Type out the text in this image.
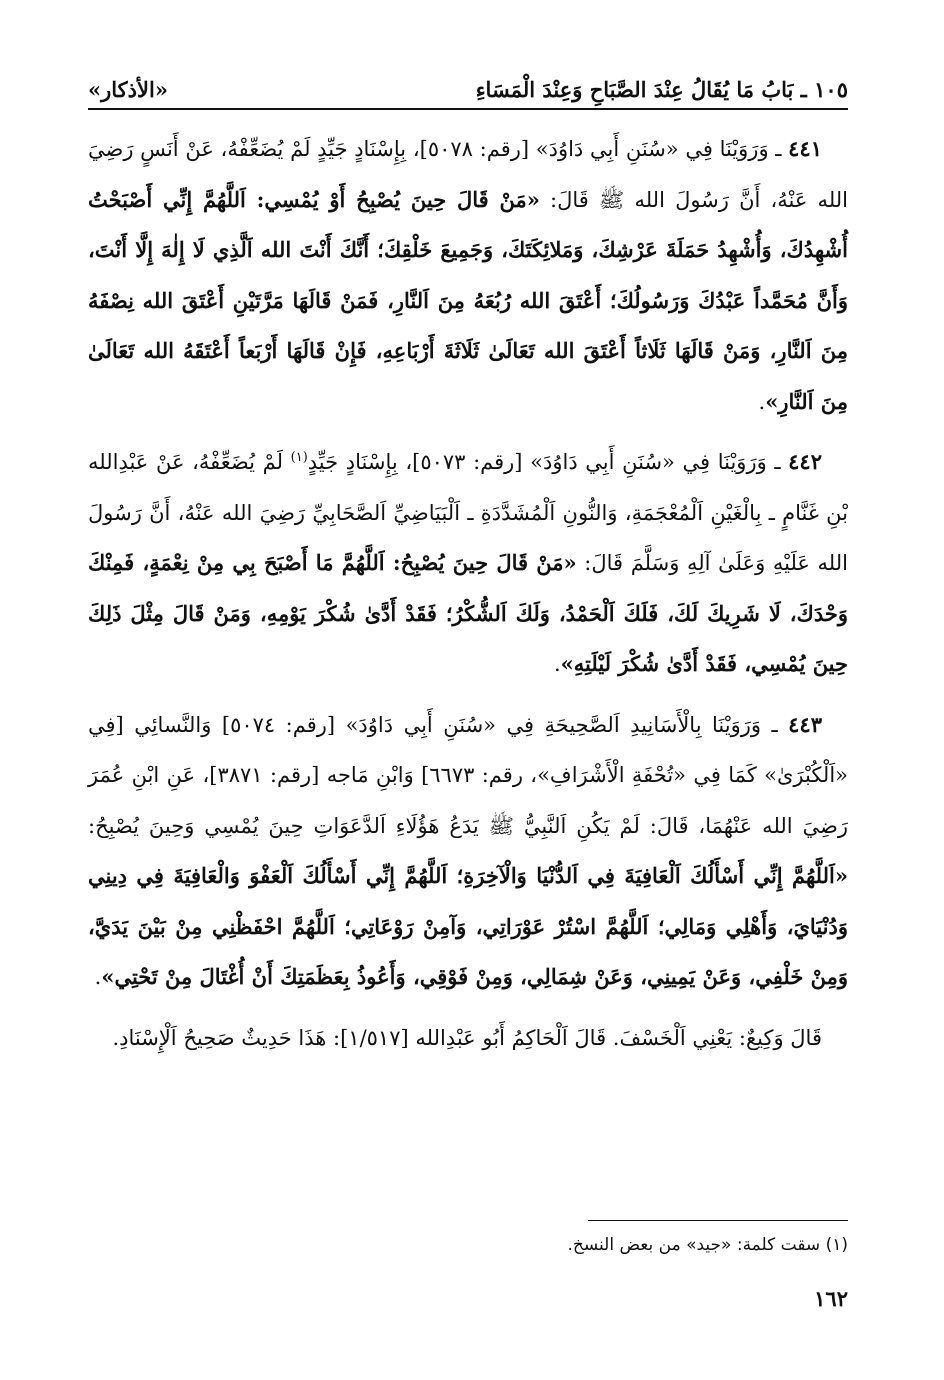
١٠٥ ـ بَابُ مَا يُقَالُ عِنْدَ الصَّبَاحِ وَعِنْدَ الْمَسَاءِ
«الأذكار»

٤٤١ ـ وَرَوَيْنَا فِي «سُنَنِ أَبِي دَاوُدَ» [رقم: ٥٠٧٨]، بِإِسْنَادٍ جَيِّدٍ لَمْ يُضَعِّفْهُ، عَنْ أَنَسٍ رَضِيَ الله عَنْهُ، أَنَّ رَسُولَ الله ﷺ قَالَ: «مَنْ قَالَ حِينَ يُصْبِحُ أَوْ يُمْسِي: اَللَّهُمَّ إِنِّي أَصْبَحْتُ أُشْهِدُكَ، وَأُشْهِدُ حَمَلَةَ عَرْشِكَ، وَمَلائِكَتَكَ، وَجَمِيعَ خَلْقِكَ؛ أَنَّكَ أَنْتَ الله اَلَّذِي لَا إِلٰهَ إِلَّا أَنْتَ، وَأَنَّ مُحَمَّداً عَبْدُكَ وَرَسُولُكَ؛ أَعْتَقَ الله رُبُعَهُ مِنَ اَلنَّارِ، فَمَنْ قَالَهَا مَرَّتَيْنِ أَعْتَقَ الله نِصْفَهُ مِنَ اَلنَّارِ، وَمَنْ قَالَهَا ثَلَاثاً أَعْتَقَ الله تَعَالَىٰ ثَلَاثَةَ أَرْبَاعِهِ، فَإِنْ قَالَهَا أَرْبَعاً أَعْتَقَهُ الله تَعَالَىٰ مِنَ اَلنَّارِ».

٤٤٢ ـ وَرَوَيْنَا فِي «سُنَنِ أَبِي دَاوُدَ» [رقم: ٥٠٧٣]، بِإِسْنَادٍ جَيِّدٍ$^{(١)}$ لَمْ يُضَعِّفْهُ، عَنْ عَبْدِالله بْنِ غَنَّامٍ ـ بِالْغَيْنِ اَلْمُعْجَمَةِ، وَالنُّونِ اَلْمُشَدَّدَةِ ـ اَلْبَيَاضِيِّ اَلصَّحَابِيِّ رَضِيَ الله عَنْهُ، أَنَّ رَسُولَ الله عَلَيْهِ وَعَلَىٰ آلِهِ وَسَلَّمَ قَالَ: «مَنْ قَالَ حِينَ يُصْبِحُ: اَللَّهُمَّ مَا أَصْبَحَ بِي مِنْ نِعْمَةٍ، فَمِنْكَ وَحْدَكَ، لَا شَرِيكَ لَكَ، فَلَكَ اَلْحَمْدُ، وَلَكَ اَلشُّكْرُ؛ فَقَدْ أَدَّىٰ شُكْرَ يَوْمِهِ، وَمَنْ قَالَ مِثْلَ ذَلِكَ حِينَ يُمْسِي، فَقَدْ أَدَّىٰ شُكْرَ لَيْلَتِهِ».

٤٤٣ ـ وَرَوَيْنَا بِالْأَسَانِيدِ اَلصَّحِيحَةِ فِي «سُنَنِ أَبِي دَاوُدَ» [رقم: ٥٠٧٤] وَالنَّسائِي [فِي «اَلْكُبْرَىٰ» كَمَا فِي «تُحْفَةِ الْأَشْرَافِ»، رقم: ٦٦٧٣] وَابْنِ مَاجه [رقم: ٣٨٧١]، عَنِ ابْنِ عُمَرَ رَضِيَ الله عَنْهُمَا، قَالَ: لَمْ يَكُنِ اَلنَّبِيُّ ﷺ يَدَعُ هَؤُلَاءِ اَلدَّعَوَاتِ حِينَ يُمْسِي وَحِينَ يُصْبِحُ: «اَللَّهُمَّ إِنِّي أَسْأَلُكَ اَلْعَافِيَةَ فِي اَلدُّنْيَا وَالْآخِرَةِ؛ اَللَّهُمَّ إِنِّي أَسْأَلُكَ اَلْعَفْوَ وَالْعَافِيَةَ فِي دِينِي وَدُنْيَايَ، وَأَهْلِي وَمَالِي؛ اَللَّهُمَّ اسْتُرْ عَوْرَاتِي، وَآمِنْ رَوْعَاتِي؛ اَللَّهُمَّ احْفَظْنِي مِنْ بَيْنَ يَدَيَّ، وَمِنْ خَلْفِي، وَعَنْ يَمِينِي، وَعَنْ شِمَالِي، وَمِنْ فَوْقِي، وَأَعُوذُ بِعَظَمَتِكَ أَنْ أُغْتَالَ مِنْ تَحْتِي».

قَالَ وَكِيعٌ: يَعْنِي اَلْخَسْفَ. قَالَ اَلْحَاكِمُ أَبُو عَبْدِالله [١/٥١٧]: هَذَا حَدِيثٌ صَحِيحُ اَلْإِسْنَادِ.

(١) سقت كلمة: «جيد» من بعض النسخ.
١٦٢
